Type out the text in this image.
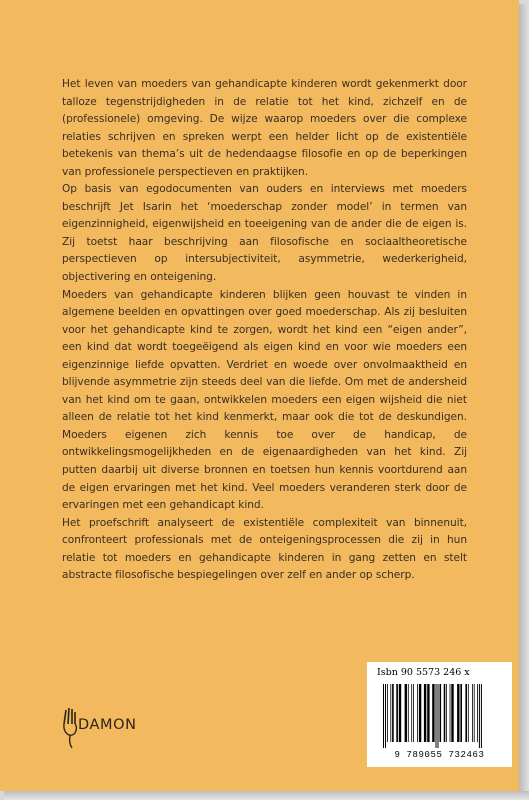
Het leven van moeders van gehandicapte kinderen wordt gekenmerkt door talloze tegenstrijdigheden in de relatie tot het kind, zichzelf en de (professionele) omgeving. De wijze waarop moeders over die complexe relaties schrijven en spreken werpt een helder licht op de existentiële betekenis van thema’s uit de hedendaagse filosofie en op de beperkingen van professionele perspectieven en praktijken.

Op basis van egodocumenten van ouders en interviews met moeders beschrijft Jet Isarin het ‘moederschap zonder model’ in termen van eigenzinnigheid, eigenwijsheid en toeeigening van de ander die de eigen is. Zij toetst haar beschrijving aan filosofische en sociaaltheoretische perspectieven op intersubjectiviteit, asymmetrie, wederkerigheid, objectivering en onteigening.

Moeders van gehandicapte kinderen blijken geen houvast te vinden in algemene beelden en opvattingen over goed moederschap. Als zij besluiten voor het gehandicapte kind te zorgen, wordt het kind een “eigen ander”, een kind dat wordt toegeëigend als eigen kind en voor wie moeders een eigenzinnige liefde opvatten. Verdriet en woede over onvolmaaktheid en blijvende asymmetrie zijn steeds deel van die liefde. Om met de andersheid van het kind om te gaan, ontwikkelen moeders een eigen wijsheid die niet alleen de relatie tot het kind kenmerkt, maar ook die tot de deskundigen. Moeders eigenen zich kennis toe over de handicap, de ontwikkelingsmogelijkheden en de eigenaardigheden van het kind. Zij putten daarbij uit diverse bronnen en toetsen hun kennis voortdurend aan de eigen ervaringen met het kind. Veel moeders veranderen sterk door de ervaringen met een gehandicapt kind.

Het proefschrift analyseert de existentiële complexiteit van binnenuit, confronteert professionals met de onteigeningsprocessen die zij in hun relatie tot moeders en gehandicapte kinderen in gang zetten en stelt abstracte filosofische bespiegelingen over zelf en ander op scherp.

DAMON
Isbn 90 5573 246 x
9 789055 732463
